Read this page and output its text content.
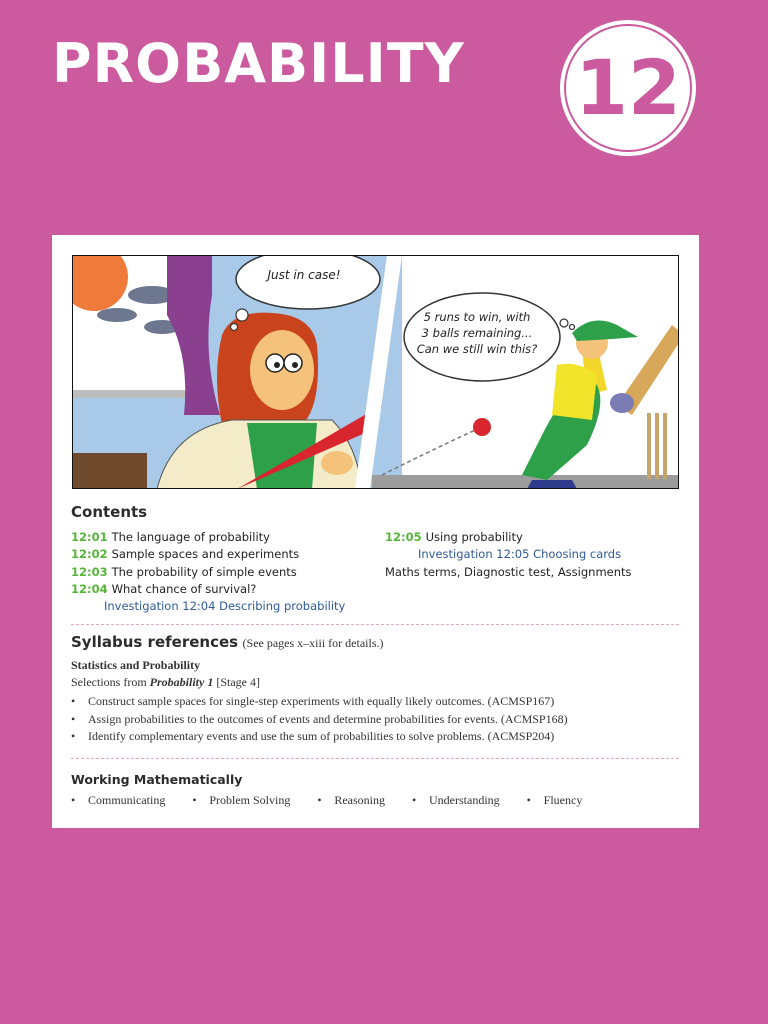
PROBABILITY 12
Just in case!
5 runs to win, with
3 balls remaining...
Can we still win this?
Contents
12:01 The language of probability
12:02 Sample spaces and experiments
12:03 The probability of simple events
12:04 What chance of survival?
Investigation 12:04 Describing probability
12:05 Using probability
Investigation 12:05 Choosing cards
Maths terms, Diagnostic test, Assignments
Syllabus references (See pages x–xiii for details.)
Statistics and Probability
Selections from Probability 1 [Stage 4]
• Construct sample spaces for single-step experiments with equally likely outcomes. (ACMSP167)
• Assign probabilities to the outcomes of events and determine probabilities for events. (ACMSP168)
• Identify complementary events and use the sum of probabilities to solve problems. (ACMSP204)
Working Mathematically
• Communicating	• Problem Solving	• Reasoning	• Understanding	• Fluency
